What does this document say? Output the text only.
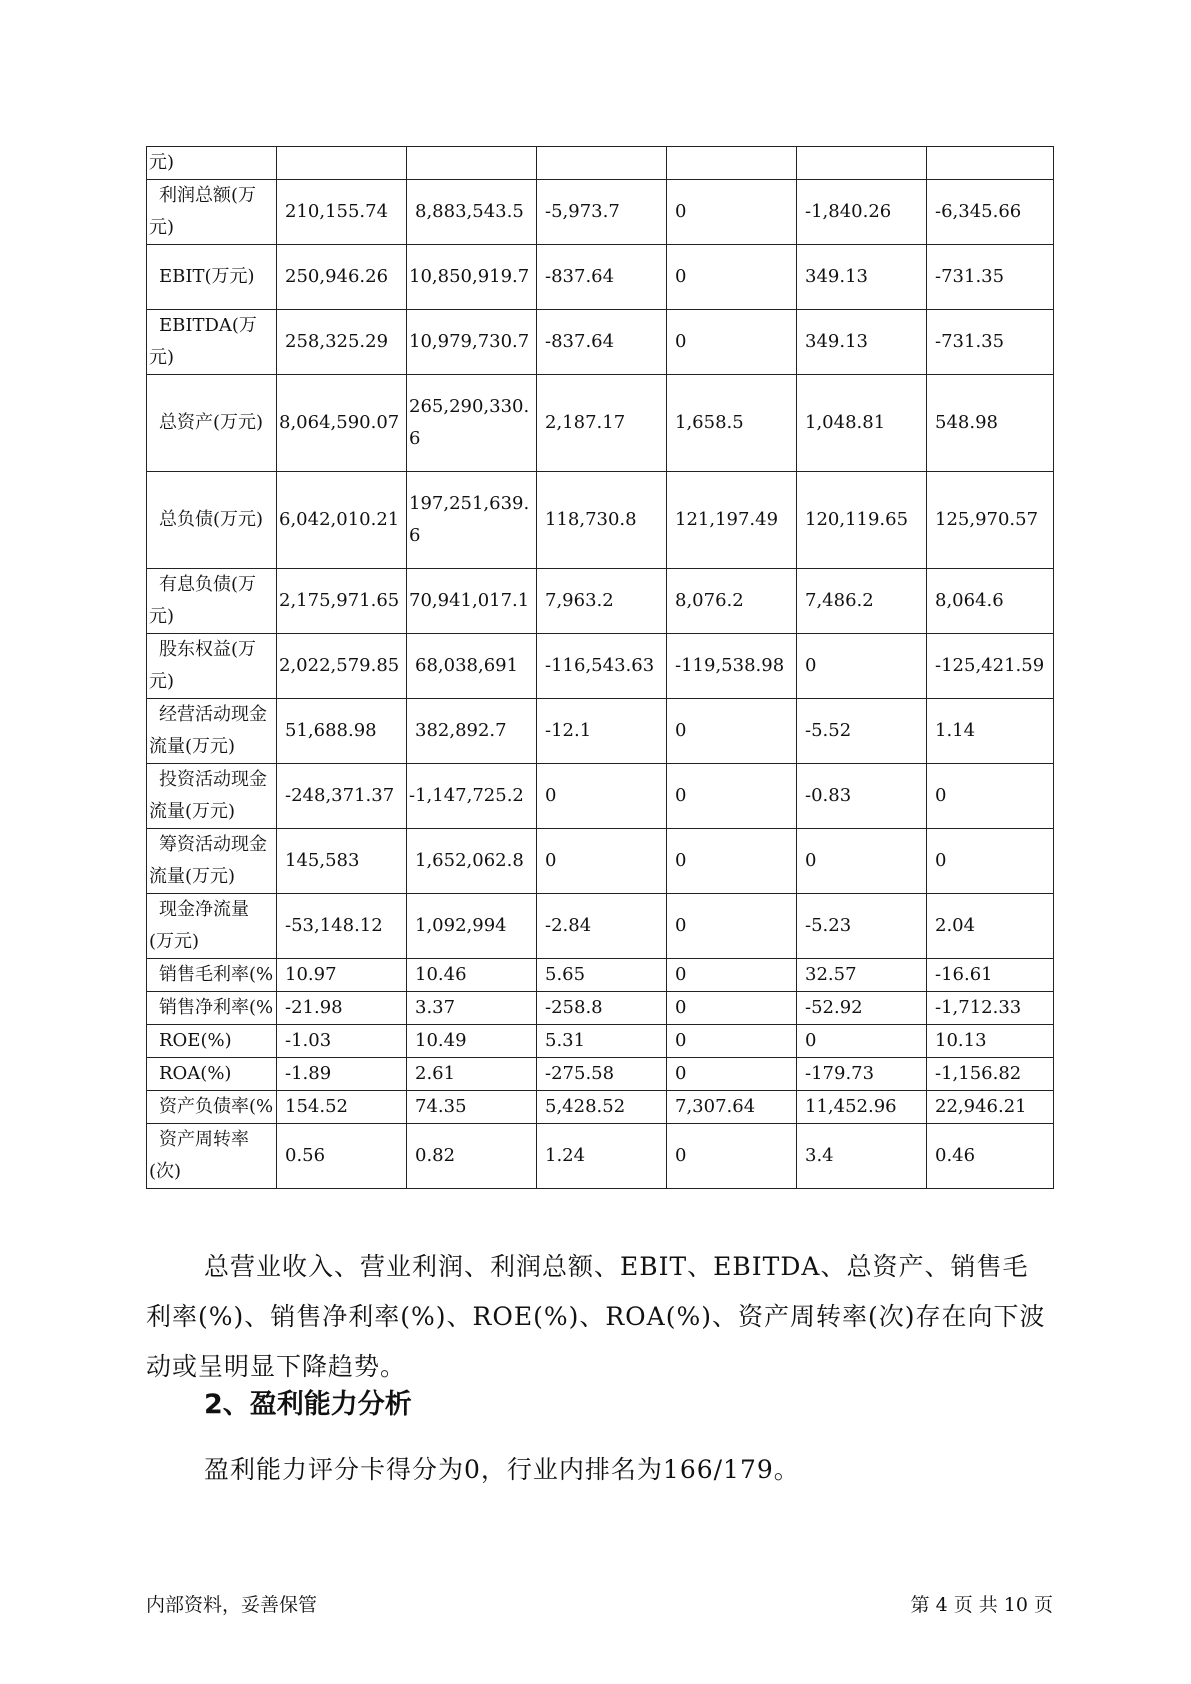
元)						
利润总额(万元)	210,155.74	8,883,543.5	-5,973.7	0	-1,840.26	-6,345.66
EBIT(万元)	250,946.26	10,850,919.7	-837.64	0	349.13	-731.35
EBITDA(万元)	258,325.29	10,979,730.7	-837.64	0	349.13	-731.35
总资产(万元)	8,064,590.07	265,290,330.6	2,187.17	1,658.5	1,048.81	548.98
总负债(万元)	6,042,010.21	197,251,639.6	118,730.8	121,197.49	120,119.65	125,970.57
有息负债(万元)	2,175,971.65	70,941,017.1	7,963.2	8,076.2	7,486.2	8,064.6
股东权益(万元)	2,022,579.85	68,038,691	-116,543.63	-119,538.98	0	-125,421.59
经营活动现金流量(万元)	51,688.98	382,892.7	-12.1	0	-5.52	1.14
投资活动现金流量(万元)	-248,371.37	-1,147,725.2	0	0	-0.83	0
筹资活动现金流量(万元)	145,583	1,652,062.8	0	0	0	0
现金净流量(万元)	-53,148.12	1,092,994	-2.84	0	-5.23	2.04
销售毛利率(%	10.97	10.46	5.65	0	32.57	-16.61
销售净利率(%	-21.98	3.37	-258.8	0	-52.92	-1,712.33
ROE(%)	-1.03	10.49	5.31	0	0	10.13
ROA(%)	-1.89	2.61	-275.58	0	-179.73	-1,156.82
资产负债率(%	154.52	74.35	5,428.52	7,307.64	11,452.96	22,946.21
资产周转率(次)	0.56	0.82	1.24	0	3.4	0.46

总营业收入、营业利润、利润总额、EBIT、EBITDA、总资产、销售毛利率(%)、销售净利率(%)、ROE(%)、ROA(%)、资产周转率(次)存在向下波动或呈明显下降趋势。

2、盈利能力分析

盈利能力评分卡得分为0，行业内排名为166/179。

内部资料，妥善保管	第 4 页 共 10 页
